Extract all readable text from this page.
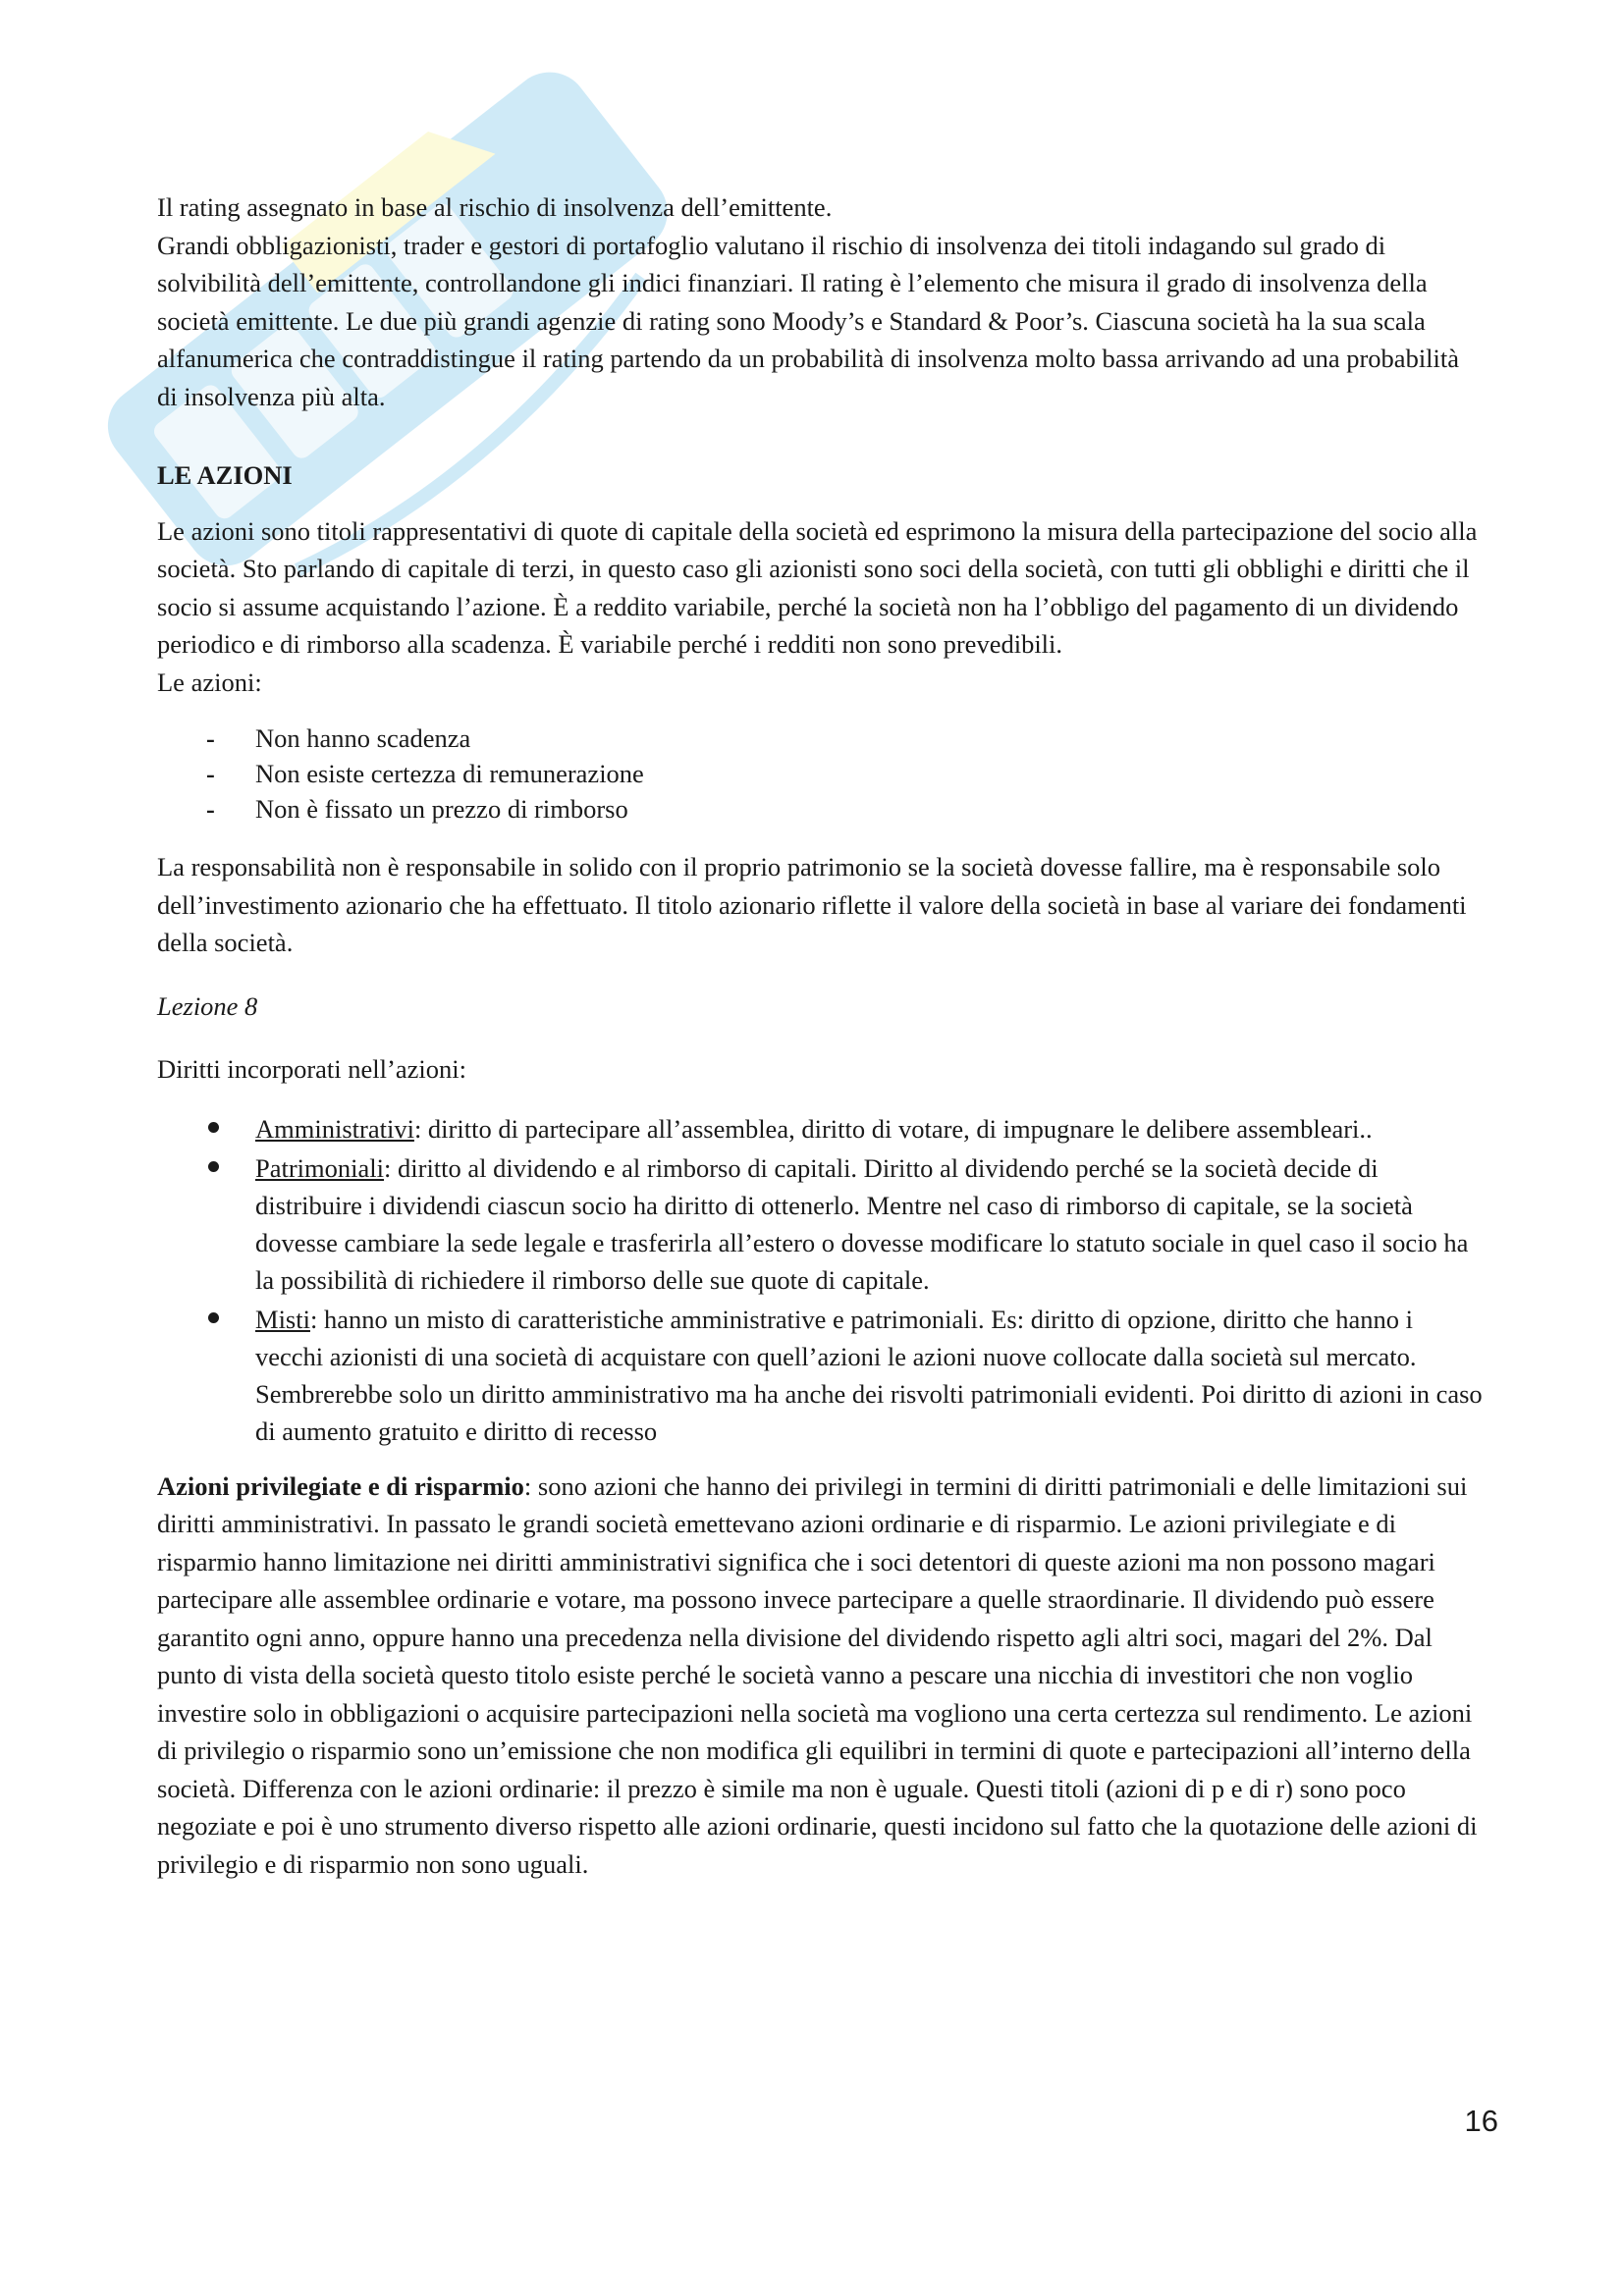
Il rating assegnato in base al rischio di insolvenza dell’emittente.

Grandi obbligazionisti, trader e gestori di portafoglio valutano il rischio di insolvenza dei titoli indagando sul grado di solvibilità dell’emittente, controllandone gli indici finanziari. Il rating è l’elemento che misura il grado di insolvenza della società emittente. Le due più grandi agenzie di rating sono Moody’s e Standard & Poor’s. Ciascuna società ha la sua scala alfanumerica che contraddistingue il rating partendo da un probabilità di insolvenza molto bassa arrivando ad una probabilità di insolvenza più alta.

LE AZIONI

Le azioni sono titoli rappresentativi di quote di capitale della società ed esprimono la misura della partecipazione del socio alla società. Sto parlando di capitale di terzi, in questo caso gli azionisti sono soci della società, con tutti gli obblighi e diritti che il socio si assume acquistando l’azione. È a reddito variabile, perché la società non ha l’obbligo del pagamento di un dividendo periodico e di rimborso alla scadenza. È variabile perché i redditi non sono prevedibili.

Le azioni:

- Non hanno scadenza
- Non esiste certezza di remunerazione
- Non è fissato un prezzo di rimborso

La responsabilità non è responsabile in solido con il proprio patrimonio se la società dovesse fallire, ma è responsabile solo dell’investimento azionario che ha effettuato. Il titolo azionario riflette il valore della società in base al variare dei fondamenti della società.

Lezione 8

Diritti incorporati nell’azioni:

Amministrativi: diritto di partecipare all’assemblea, diritto di votare, di impugnare le delibere assembleari..
Patrimoniali: diritto al dividendo e al rimborso di capitali. Diritto al dividendo perché se la società decide di distribuire i dividendi ciascun socio ha diritto di ottenerlo. Mentre nel caso di rimborso di capitale, se la società dovesse cambiare la sede legale e trasferirla all’estero o dovesse modificare lo statuto sociale in quel caso il socio ha la possibilità di richiedere il rimborso delle sue quote di capitale.
Misti: hanno un misto di caratteristiche amministrative e patrimoniali. Es: diritto di opzione, diritto che hanno i vecchi azionisti di una società di acquistare con quell’azioni le azioni nuove collocate dalla società sul mercato. Sembrerebbe solo un diritto amministrativo ma ha anche dei risvolti patrimoniali evidenti. Poi diritto di azioni in caso di aumento gratuito e diritto di recesso

Azioni privilegiate e di risparmio: sono azioni che hanno dei privilegi in termini di diritti patrimoniali e delle limitazioni sui diritti amministrativi. In passato le grandi società emettevano azioni ordinarie e di risparmio. Le azioni privilegiate e di risparmio hanno limitazione nei diritti amministrativi significa che i soci detentori di queste azioni ma non possono magari partecipare alle assemblee ordinarie e votare, ma possono invece partecipare a quelle straordinarie. Il dividendo può essere garantito ogni anno, oppure hanno una precedenza nella divisione del dividendo rispetto agli altri soci, magari del 2%. Dal punto di vista della società questo titolo esiste perché le società vanno a pescare una nicchia di investitori che non voglio investire solo in obbligazioni o acquisire partecipazioni nella società ma vogliono una certa certezza sul rendimento. Le azioni di privilegio o risparmio sono un’emissione che non modifica gli equilibri in termini di quote e partecipazioni all’interno della società. Differenza con le azioni ordinarie: il prezzo è simile ma non è uguale. Questi titoli (azioni di p e di r) sono poco negoziate e poi è uno strumento diverso rispetto alle azioni ordinarie, questi incidono sul fatto che la quotazione delle azioni di privilegio e di risparmio non sono uguali.

16
